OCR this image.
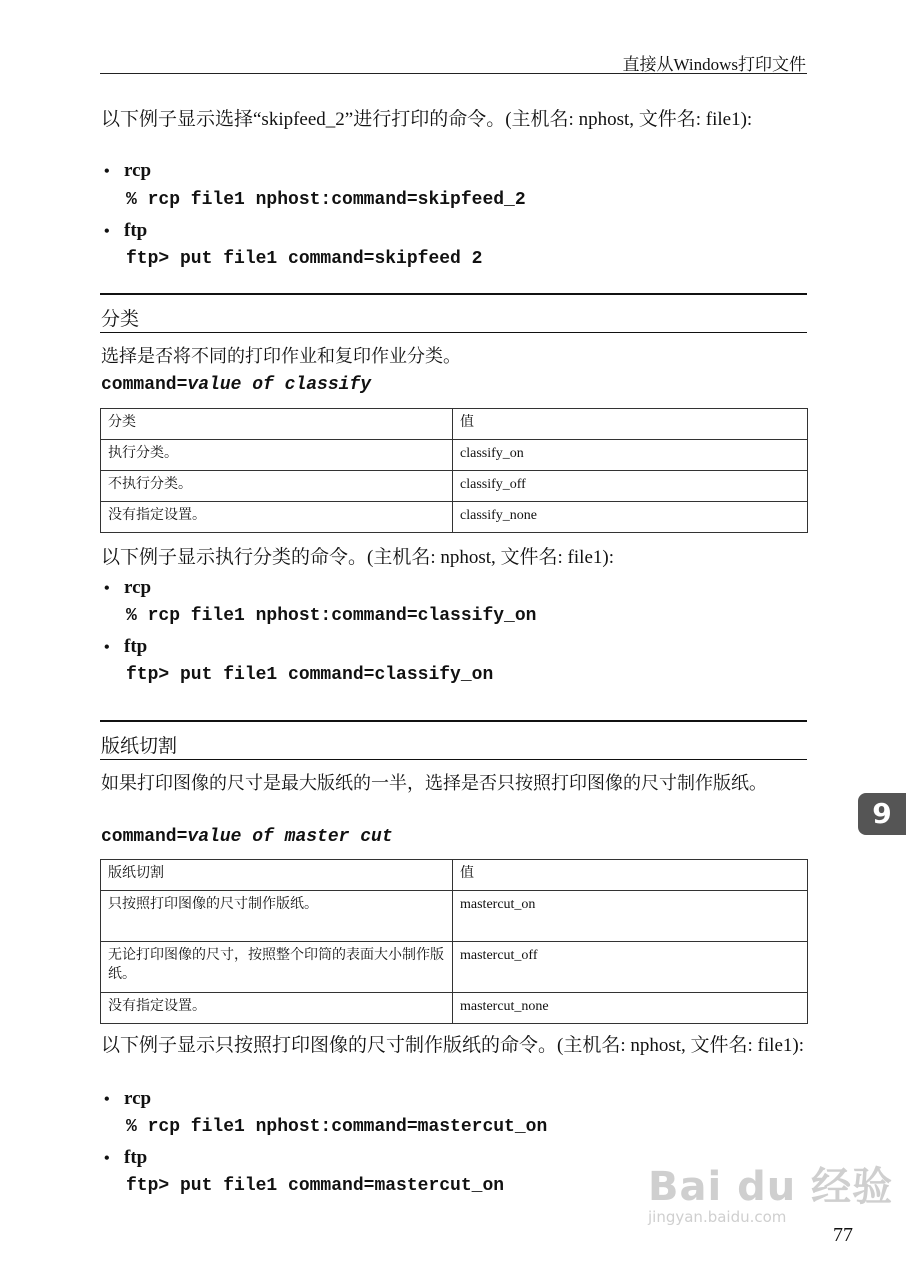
直接从Windows打印文件
以下例子显示选择“skipfeed_2”进行打印的命令。(主机名: nphost, 文件名: file1):
• rcp
% rcp file1 nphost:command=skipfeed_2
• ftp
ftp> put file1 command=skipfeed 2
分类
选择是否将不同的打印作业和复印作业分类。
command=value of classify
分类	值
执行分类。	classify_on
不执行分类。	classify_off
没有指定设置。	classify_none
以下例子显示执行分类的命令。(主机名: nphost, 文件名: file1):
• rcp
% rcp file1 nphost:command=classify_on
• ftp
ftp> put file1 command=classify_on
版纸切割
如果打印图像的尺寸是最大版纸的一半，选择是否只按照打印图像的尺寸制作版纸。
command=value of master cut
版纸切割	值
只按照打印图像的尺寸制作版纸。	mastercut_on
无论打印图像的尺寸，按照整个印筒的表面大小制作版纸。	mastercut_off
没有指定设置。	mastercut_none
以下例子显示只按照打印图像的尺寸制作版纸的命令。(主机名: nphost, 文件名: file1):
• rcp
% rcp file1 nphost:command=mastercut_on
• ftp
ftp> put file1 command=mastercut_on
9
Bai du 经验
jingyan.baidu.com
77
